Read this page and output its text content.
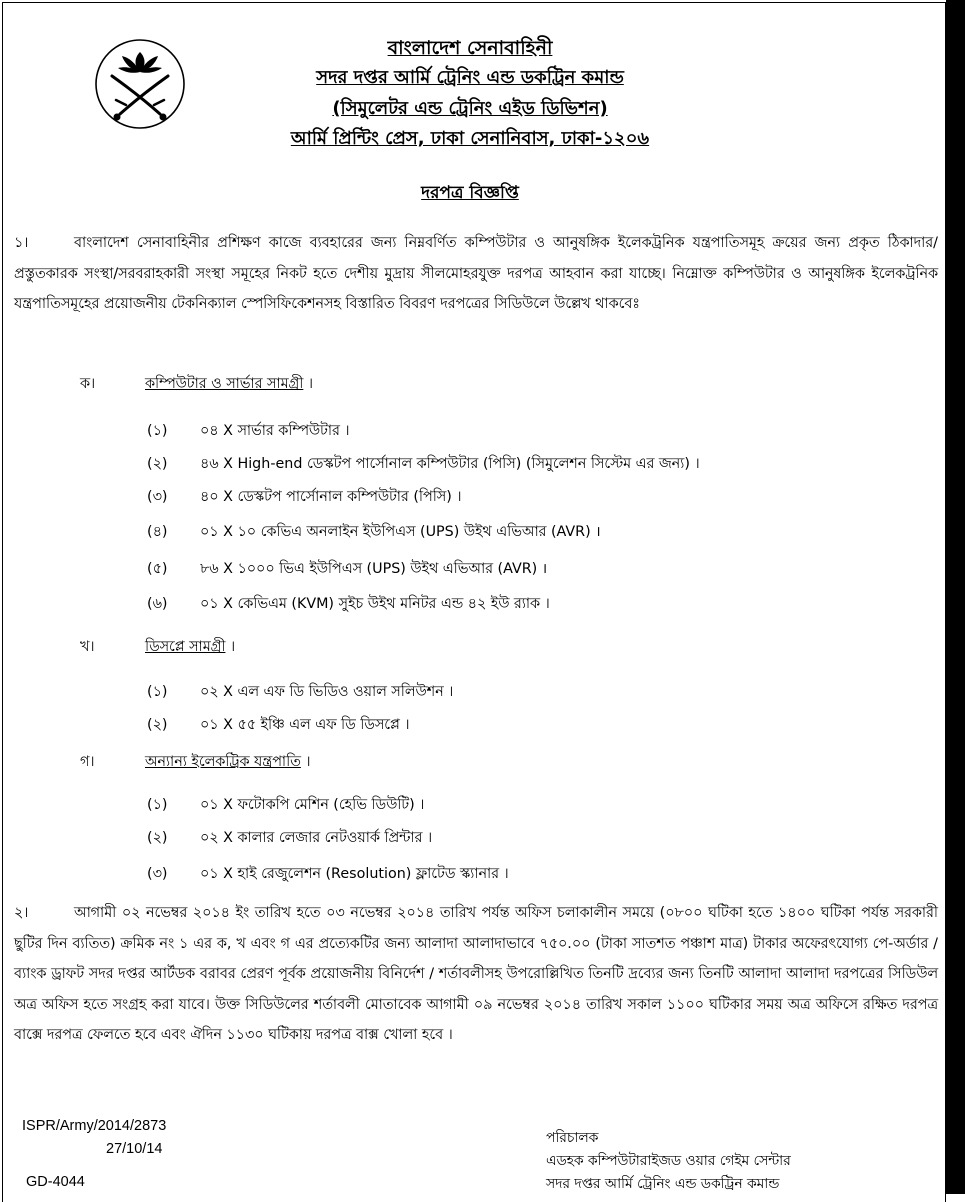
বাংলাদেশ সেনাবাহিনী
সদর দপ্তর আর্মি ট্রেনিং এন্ড ডকট্রিন কমান্ড
(সিমুলেটর এন্ড ট্রেনিং এইড ডিভিশন)
আর্মি প্রিন্টিং প্রেস, ঢাকা সেনানিবাস, ঢাকা-১২০৬
দরপত্র বিজ্ঞপ্তি

১।	বাংলাদেশ সেনাবাহিনীর প্রশিক্ষণ কাজে ব্যবহারের জন্য নিম্নবর্ণিত কম্পিউটার ও আনুষঙ্গিক ইলেকট্রনিক যন্ত্রপাতিসমূহ ক্রয়ের জন্য প্রকৃত ঠিকাদার/প্রস্তুতকারক সংস্থা/সরবরাহকারী সংস্থা সমূহের নিকট হতে দেশীয় মুদ্রায় সীলমোহরযুক্ত দরপত্র আহবান করা যাচ্ছে। নিম্নোক্ত কম্পিউটার ও আনুষঙ্গিক ইলেকট্রনিক যন্ত্রপাতিসমূহের প্রয়োজনীয় টেকনিক্যাল স্পেসিফিকেশনসহ বিস্তারিত বিবরণ দরপত্রের সিডিউলে উল্লেখ থাকবেঃ

ক।	কম্পিউটার ও সার্ভার সামগ্রী ।
(১) ০৪ X সার্ভার কম্পিউটার ।
(২) ৪৬ X High-end ডেস্কটপ পার্সোনাল কম্পিউটার (পিসি) (সিমুলেশন সিস্টেম এর জন্য) ।
(৩) ৪০ X ডেস্কটপ পার্সোনাল কম্পিউটার (পিসি) ।
(৪) ০১ X ১০ কেভিএ অনলাইন ইউপিএস (UPS) উইথ এভিআর (AVR) ।
(৫) ৮৬ X ১০০০ ভিএ ইউপিএস (UPS) উইথ এভিআর (AVR) ।
(৬) ০১ X কেভিএম (KVM) সুইচ উইথ মনিটর এন্ড ৪২ ইউ র‌্যাক ।
খ।	ডিসপ্লে সামগ্রী ।
(১) ০২ X এল এফ ডি ভিডিও ওয়াল সলিউশন ।
(২) ০১ X ৫৫ ইঞ্চি এল এফ ডি ডিসপ্লে ।
গ।	অন্যান্য ইলেকট্রিক যন্ত্রপাতি ।
(১) ০১ X ফটোকপি মেশিন (হেভি ডিউটি) ।
(২) ০২ X কালার লেজার নেটওয়ার্ক প্রিন্টার ।
(৩) ০১ X হাই রেজুলেশন (Resolution) ফ্লাটেড স্ক্যানার ।

২।	আগামী ০২ নভেম্বর ২০১৪ ইং তারিখ হতে ০৩ নভেম্বর ২০১৪ তারিখ পর্যন্ত অফিস চলাকালীন সময়ে (০৮০০ ঘটিকা হতে ১৪০০ ঘটিকা পর্যন্ত সরকারী ছুটির দিন ব্যতিত) ক্রমিক নং ১ এর ক, খ এবং গ এর প্রত্যেকটির জন্য আলাদা আলাদাভাবে ৭৫০.০০ (টাকা সাতশত পঞ্চাশ মাত্র) টাকার অফেরৎযোগ্য পে-অর্ডার / ব্যাংক ড্রাফট সদর দপ্তর আর্টডক বরাবর প্রেরণ পূর্বক প্রয়োজনীয় বিনির্দেশ / শর্তাবলীসহ উপরোল্লিখিত তিনটি দ্রব্যের জন্য তিনটি আলাদা আলাদা দরপত্রের সিডিউল অত্র অফিস হতে সংগ্রহ করা যাবে। উক্ত সিডিউলের শর্তাবলী মোতাবেক আগামী ০৯ নভেম্বর ২০১৪ তারিখ সকাল ১১০০ ঘটিকার সময় অত্র অফিসে রক্ষিত দরপত্র বাক্সে দরপত্র ফেলতে হবে এবং ঐদিন ১১৩০ ঘটিকায় দরপত্র বাক্স খোলা হবে ।

ISPR/Army/2014/2873
27/10/14
GD-4044
পরিচালক
এডহক কম্পিউটারাইজড ওয়ার গেইম সেন্টার
সদর দপ্তর আর্মি ট্রেনিং এন্ড ডকট্রিন কমান্ড
